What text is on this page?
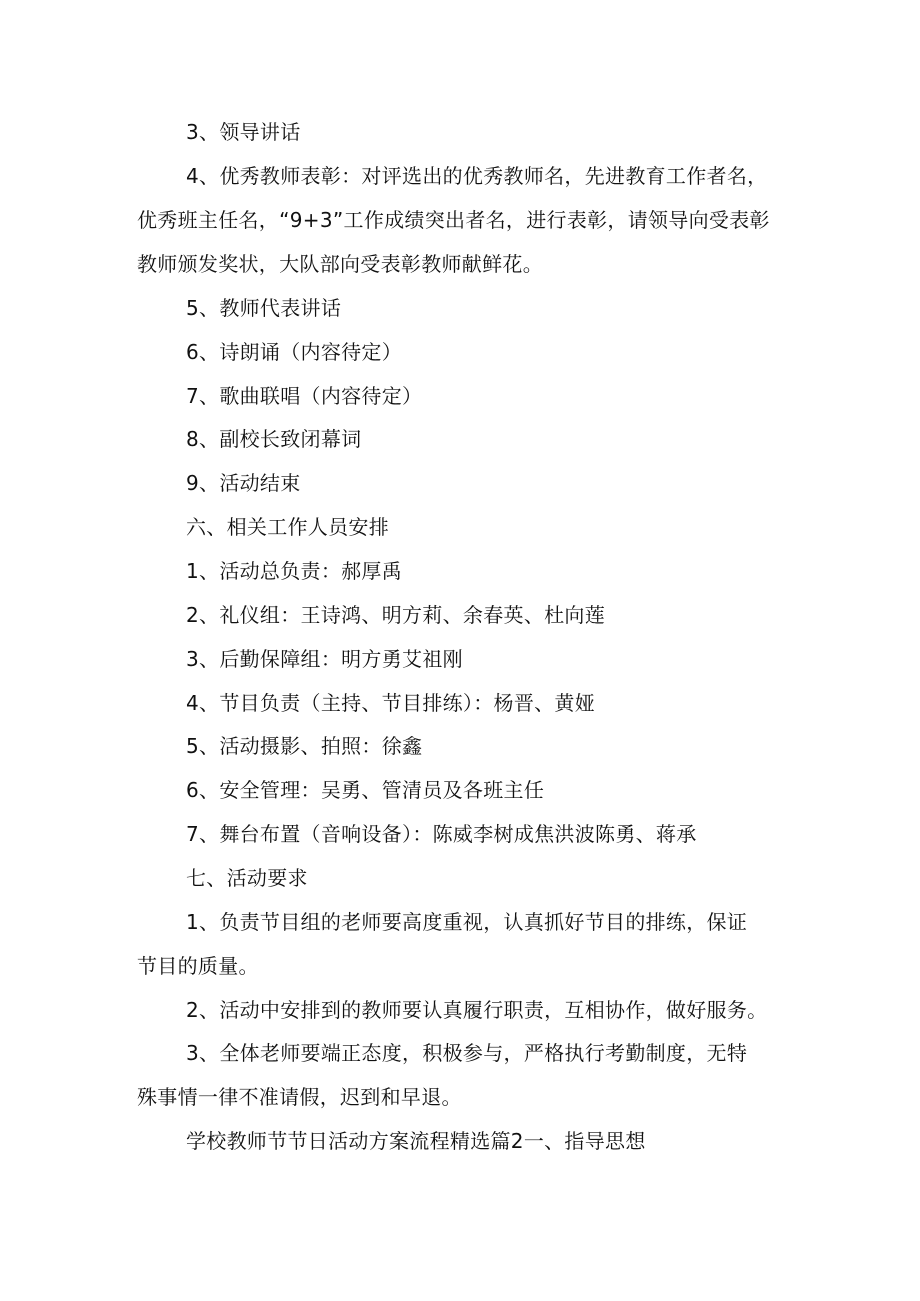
3、领导讲话
4、优秀教师表彰：对评选出的优秀教师名，先进教育工作者名，
优秀班主任名，“9+3”工作成绩突出者名，进行表彰，请领导向受表彰
教师颁发奖状，大队部向受表彰教师献鲜花。
5、教师代表讲话
6、诗朗诵（内容待定）
7、歌曲联唱（内容待定）
8、副校长致闭幕词
9、活动结束
六、相关工作人员安排
1、活动总负责：郝厚禹
2、礼仪组：王诗鸿、明方莉、余春英、杜向莲
3、后勤保障组：明方勇艾祖刚
4、节目负责（主持、节目排练）：杨晋、黄娅
5、活动摄影、拍照：徐鑫
6、安全管理：吴勇、管清员及各班主任
7、舞台布置（音响设备）：陈威李树成焦洪波陈勇、蒋承
七、活动要求
1、负责节目组的老师要高度重视，认真抓好节目的排练，保证
节目的质量。
2、活动中安排到的教师要认真履行职责，互相协作，做好服务。
3、全体老师要端正态度，积极参与，严格执行考勤制度，无特
殊事情一律不准请假，迟到和早退。
学校教师节节日活动方案流程精选篇2一、指导思想
